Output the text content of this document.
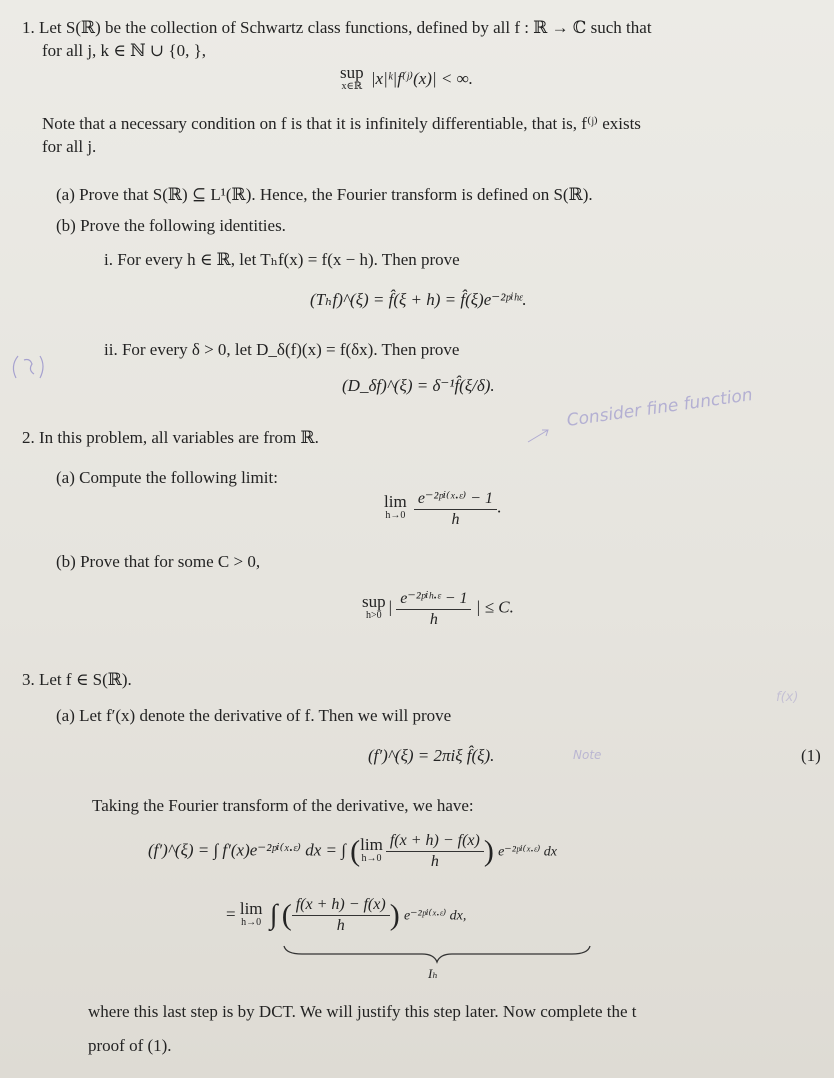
1. Let S(ℝ) be the collection of Schwartz class functions, defined by all f : ℝ → ℂ such that
for all j, k ∈ ℕ ∪ {0, },
sup
x∈ℝ |x|ᵏ|f⁽ʲ⁾(x)| < ∞.
Note that a necessary condition on f is that it is infinitely differentiable, that is, f⁽ʲ⁾ exists
for all j.
(a) Prove that S(ℝ) ⊆ L¹(ℝ). Hence, the Fourier transform is defined on S(ℝ).
(b) Prove the following identities.
i. For every h ∈ ℝ, let Tₕf(x) = f(x − h). Then prove
(Tₕf)^(ξ) = f̂(ξ + h) = f̂(ξ)e⁻²ᵖⁱʰᵋ.
ii. For every δ > 0, let D_δ(f)(x) = f(δx). Then prove
(D_δf)^(ξ) = δ⁻¹f̂(ξ/δ).
2. In this problem, all variables are from ℝ.
(a) Compute the following limit:
lim
h→0
$\frac{\text{e⁻²ᵖⁱ⁽ˣ·ᵋ⁾ − 1}}{h}$ .
(b) Prove that for some C > 0,
sup
h>0 | $\frac{\text{e⁻²ᵖⁱʰ·ᵋ − 1}}{h}$ | ≤ C.
3. Let f ∈ S(ℝ).
(a) Let f′(x) denote the derivative of f. Then we will prove
(f′)^(ξ) = 2πiξ f̂(ξ).	(1)
Taking the Fourier transform of the derivative, we have:
(f′)^(ξ) = ∫ f′(x)e⁻²ᵖⁱ⁽ˣ·ᵋ⁾ dx = ∫ ( lim
$h\to 0 \frac{f(x + h) - f(x)}{h}$ ) e⁻²ᵖⁱ⁽ˣ·ᵋ⁾ dx
= lim
h→0 ∫ ( $\frac{f(x + h) - f(x)}{h}$ ) e⁻²ᵖⁱ⁽ˣ·ᵋ⁾ dx,
Iₕ
where this last step is by DCT. We will justify this step later. Now complete the t
proof of (1).
Consider fine function
Note
f(x)
